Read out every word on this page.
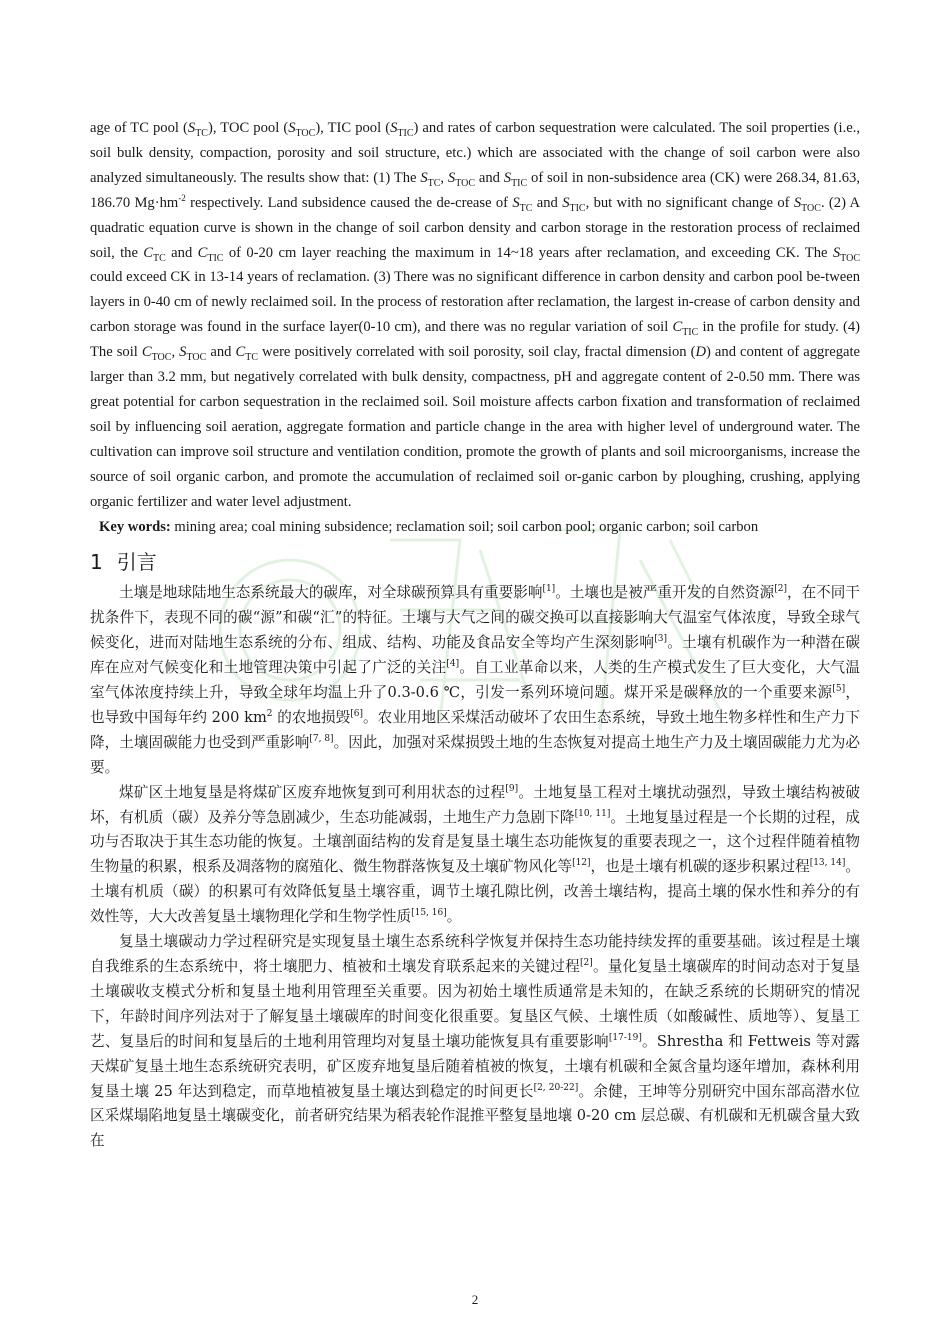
age of TC pool $(S_{TC})$, TOC pool $(S_{TOC})$, TIC pool $(S_{TIC})$ and rates of carbon sequestration were calculated. The soil properties (i.e., soil bulk density, compaction, porosity and soil structure, etc.) which are associated with the change of soil carbon were also analyzed simultaneously. The results show that: (1) The $S_{TC}$, $S_{TOC}$ and $S_{TIC}$ of soil in non-subsidence area (CK) were 268.34, 81.63, 186.70 $Mg\cdot hm^{-2}$ respectively. Land subsidence caused the de-crease of $S_{TC}$ and $S_{TIC}$, but with no significant change of $S_{TOC}$. (2) A quadratic equation curve is shown in the change of soil carbon density and carbon storage in the restoration process of reclaimed soil, the $C_{TC}$ and $C_{TIC}$ of 0-20 cm layer reaching the maximum in 14~18 years after reclamation, and exceeding CK. The $S_{TOC}$ could exceed CK in 13-14 years of reclamation. (3) There was no significant difference in carbon density and carbon pool be-tween layers in 0-40 cm of newly reclaimed soil. In the process of restoration after reclamation, the largest in-crease of carbon density and carbon storage was found in the surface layer(0-10 cm), and there was no regular variation of soil $C_{TIC}$ in the profile for study. (4) The soil $C_{TOC}$, $S_{TOC}$ and $C_{TC}$ were positively correlated with soil porosity, soil clay, fractal dimension (D) and content of aggregate larger than 3.2 mm, but negatively correlated with bulk density, compactness, pH and aggregate content of 2-0.50 mm. There was great potential for carbon sequestration in the reclaimed soil. Soil moisture affects carbon fixation and transformation of reclaimed soil by influencing soil aeration, aggregate formation and particle change in the area with higher level of underground water. The cultivation can improve soil structure and ventilation condition, promote the growth of plants and soil microorganisms, increase the source of soil organic carbon, and promote the accumulation of reclaimed soil or-ganic carbon by ploughing, crushing, applying organic fertilizer and water level adjustment.

Key words: mining area; coal mining subsidence; reclamation soil; soil carbon pool; organic carbon; soil carbon

1 引言

土壤是地球陆地生态系统最大的碳库，对全球碳预算具有重要影响[1]。土壤也是被严重开发的自然资源[2]，在不同干扰条件下，表现不同的碳“源”和碳“汇”的特征。土壤与大气之间的碳交换可以直接影响大气温室气体浓度，导致全球气候变化，进而对陆地生态系统的分布、组成、结构、功能及食品安全等均产生深刻影响[3]。土壤有机碳作为一种潜在碳库在应对气候变化和土地管理决策中引起了广泛的关注[4]。自工业革命以来，人类的生产模式发生了巨大变化，大气温室气体浓度持续上升，导致全球年均温上升了0.3-0.6 ℃，引发一系列环境问题。煤开采是碳释放的一个重要来源[5]，也导致中国每年约 200 $km^2$ 的农地损毁[6]。农业用地区采煤活动破坏了农田生态系统，导致土地生物多样性和生产力下降，土壤固碳能力也受到严重影响[7, 8]。因此，加强对采煤损毁土地的生态恢复对提高土地生产力及土壤固碳能力尤为必要。

煤矿区土地复垦是将煤矿区废弃地恢复到可利用状态的过程[9]。土地复垦工程对土壤扰动强烈，导致土壤结构被破坏，有机质（碳）及养分等急剧减少，生态功能减弱，土地生产力急剧下降[10, 11]。土地复垦过程是一个长期的过程，成功与否取决于其生态功能的恢复。土壤剖面结构的发育是复垦土壤生态功能恢复的重要表现之一，这个过程伴随着植物生物量的积累，根系及凋落物的腐殖化、微生物群落恢复及土壤矿物风化等[12]，也是土壤有机碳的逐步积累过程[13, 14]。土壤有机质（碳）的积累可有效降低复垦土壤容重，调节土壤孔隙比例，改善土壤结构，提高土壤的保水性和养分的有效性等，大大改善复垦土壤物理化学和生物学性质[15, 16]。

复垦土壤碳动力学过程研究是实现复垦土壤生态系统科学恢复并保持生态功能持续发挥的重要基础。该过程是土壤自我维系的生态系统中，将土壤肥力、植被和土壤发育联系起来的关键过程[2]。量化复垦土壤碳库的时间动态对于复垦土壤碳收支模式分析和复垦土地利用管理至关重要。因为初始土壤性质通常是未知的，在缺乏系统的长期研究的情况下，年龄时间序列法对于了解复垦土壤碳库的时间变化很重要。复垦区气候、土壤性质（如酸碱性、质地等）、复垦工艺、复垦后的时间和复垦后的土地利用管理均对复垦土壤功能恢复具有重要影响[17-19]。Shrestha 和 Fettweis 等对露天煤矿复垦土地生态系统研究表明，矿区废弃地复垦后随着植被的恢复，土壤有机碳和全氮含量均逐年增加，森林利用复垦土壤 25 年达到稳定，而草地植被复垦土壤达到稳定的时间更长[2, 20-22]。余健，王坤等分别研究中国东部高潜水位区采煤塌陷地复垦土壤碳变化，前者研究结果为稻表轮作混推平整复垦地壤 0-20 cm 层总碳、有机碳和无机碳含量大致在

2
